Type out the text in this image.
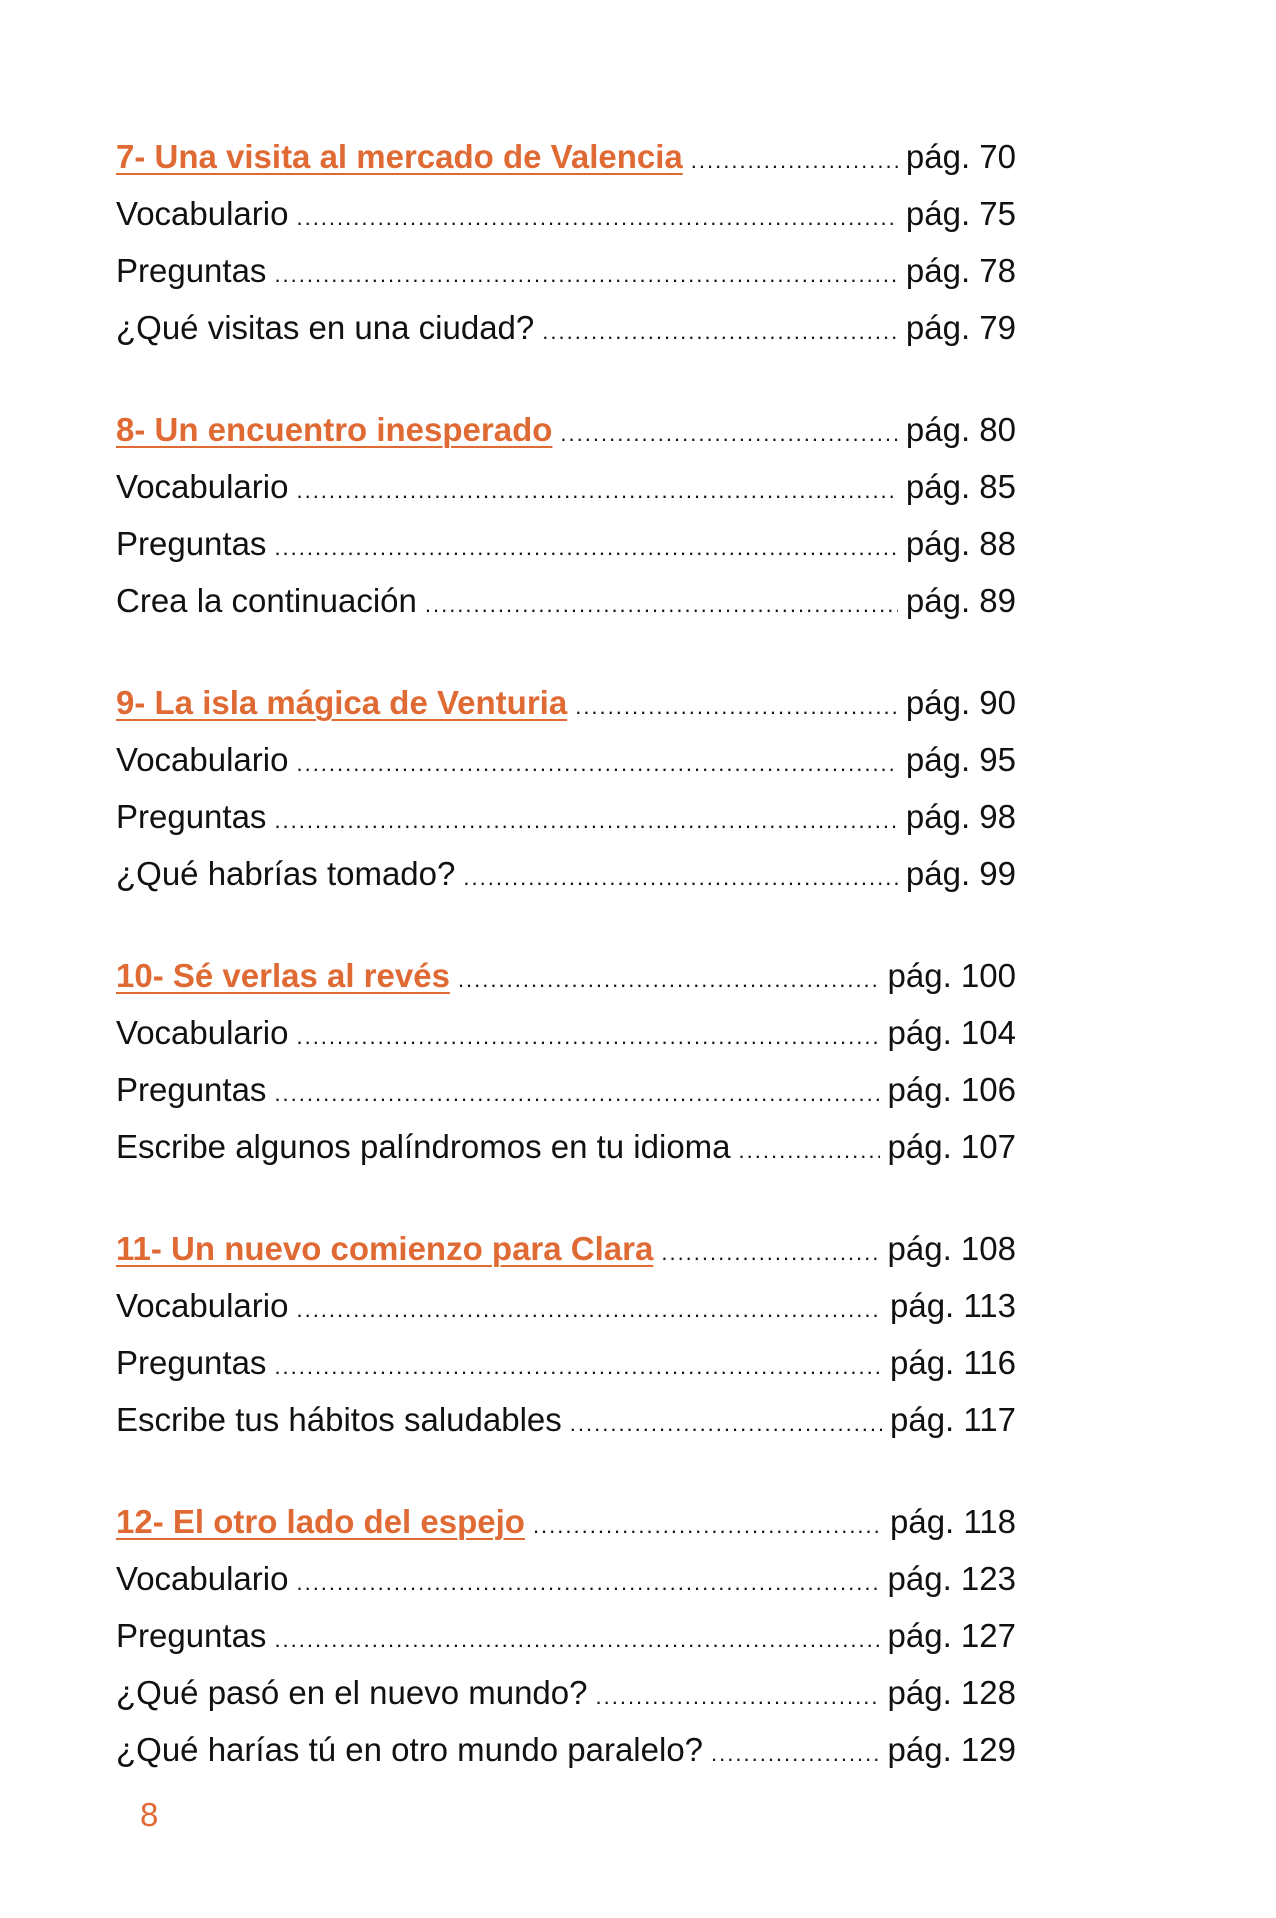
7- Una visita al mercado de Valencia .....	pág. 70
Vocabulario .....	pág. 75
Preguntas .....	pág. 78
¿Qué visitas en una ciudad? .....	pág. 79
8- Un encuentro inesperado .....	pág. 80
Vocabulario .....	pág. 85
Preguntas .....	pág. 88
Crea la continuación .....	pág. 89
9- La isla mágica de Venturia .....	pág. 90
Vocabulario .....	pág. 95
Preguntas .....	pág. 98
¿Qué habrías tomado? .....	pág. 99
10- Sé verlas al revés .....	pág. 100
Vocabulario .....	pág. 104
Preguntas .....	pág. 106
Escribe algunos palíndromos en tu idioma .....	pág. 107
11- Un nuevo comienzo para Clara .....	pág. 108
Vocabulario .....	pág. 113
Preguntas .....	pág. 116
Escribe tus hábitos saludables .....	pág. 117
12- El otro lado del espejo .....	pág. 118
Vocabulario .....	pág. 123
Preguntas .....	pág. 127
¿Qué pasó en el nuevo mundo? .....	pág. 128
¿Qué harías tú en otro mundo paralelo? .....	pág. 129
8
